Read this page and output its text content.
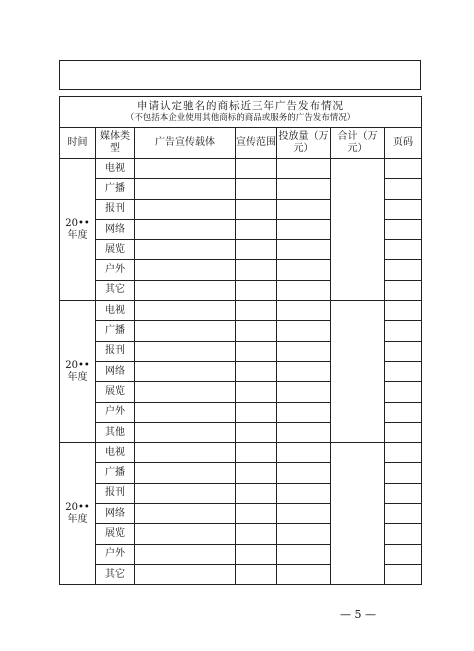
申请认定驰名的商标近三年广告发布情况
（不包括本企业使用其他商标的商品或服务的广告发布情况）						

时间	媒体类型	广告宣传载体	宣传范围	投放量（万元）	合计（万元）	页码
20••
年度	电视					
	广播					
	报刊					
	网络					
	展览					
	户外					
	其它					
20••
年度	电视					
	广播					
	报刊					
	网络					
	展览					
	户外					
	其他					
20••
年度	电视					
	广播					
	报刊					
	网络					
	展览					
	户外					
	其它					
— 5 —
